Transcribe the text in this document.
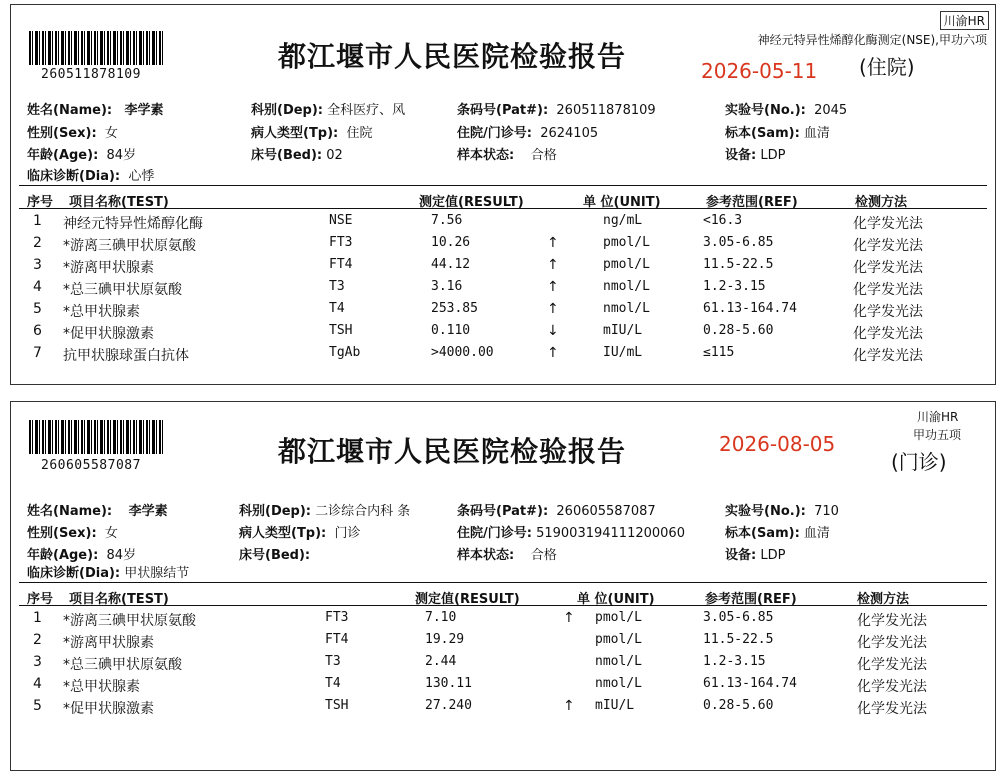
260511878109
都江堰市人民医院检验报告	2026-05-11
川渝HR
神经元特异性烯醇化酶测定(NSE),甲功六项
(住院)
姓名(Name): 李学素	科别(Dep): 全科医疗、风	条码号(Pat#): 260511878109	实验号(No.): 2045
性别(Sex): 女	病人类型(Tp): 住院	住院/门诊号: 2624105	标本(Sam): 血清
年龄(Age): 84岁	床号(Bed): 02	样本状态: 合格	设备: LDP
临床诊断(Dia): 心悸
序号 项目名称(TEST)	测定值(RESULT)	单 位(UNIT)	参考范围(REF)	检测方法
1 神经元特异性烯醇化酶	NSE	7.56	ng/mL	<16.3	化学发光法
2 *游离三碘甲状原氨酸	FT3	10.26	↑	pmol/L	3.05-6.85	化学发光法
3 *游离甲状腺素	FT4	44.12	↑	pmol/L	11.5-22.5	化学发光法
4 *总三碘甲状原氨酸	T3	3.16	↑	nmol/L	1.2-3.15	化学发光法
5 *总甲状腺素	T4	253.85	↑	nmol/L	61.13-164.74	化学发光法
6 *促甲状腺激素	TSH	0.110	↓	mIU/L	0.28-5.60	化学发光法
7 抗甲状腺球蛋白抗体	TgAb	>4000.00	↑	IU/mL	≤115	化学发光法
260605587087	都江堰市人民医院检验报告	2026-08-05
川渝HR
甲功五项
(门诊)
姓名(Name): 李学素	科别(Dep): 二诊综合内科 条	条码号(Pat#): 260605587087	实验号(No.): 710
性别(Sex): 女	病人类型(Tp): 门诊	住院/门诊号: 519003194111200060	标本(Sam): 血清
年龄(Age): 84岁	床号(Bed):	样本状态: 合格	设备: LDP
临床诊断(Dia): 甲状腺结节
序号 项目名称(TEST)	测定值(RESULT)	单 位(UNIT)	参考范围(REF)	检测方法
1 *游离三碘甲状原氨酸	FT3	7.10	↑ pmol/L	3.05-6.85	化学发光法
2 *游离甲状腺素	FT4	19.29	pmol/L	11.5-22.5	化学发光法
3 *总三碘甲状原氨酸	T3	2.44	nmol/L	1.2-3.15	化学发光法
4 *总甲状腺素	T4	130.11	nmol/L	61.13-164.74	化学发光法
5 *促甲状腺激素	TSH	27.240	↑ mIU/L	0.28-5.60	化学发光法
